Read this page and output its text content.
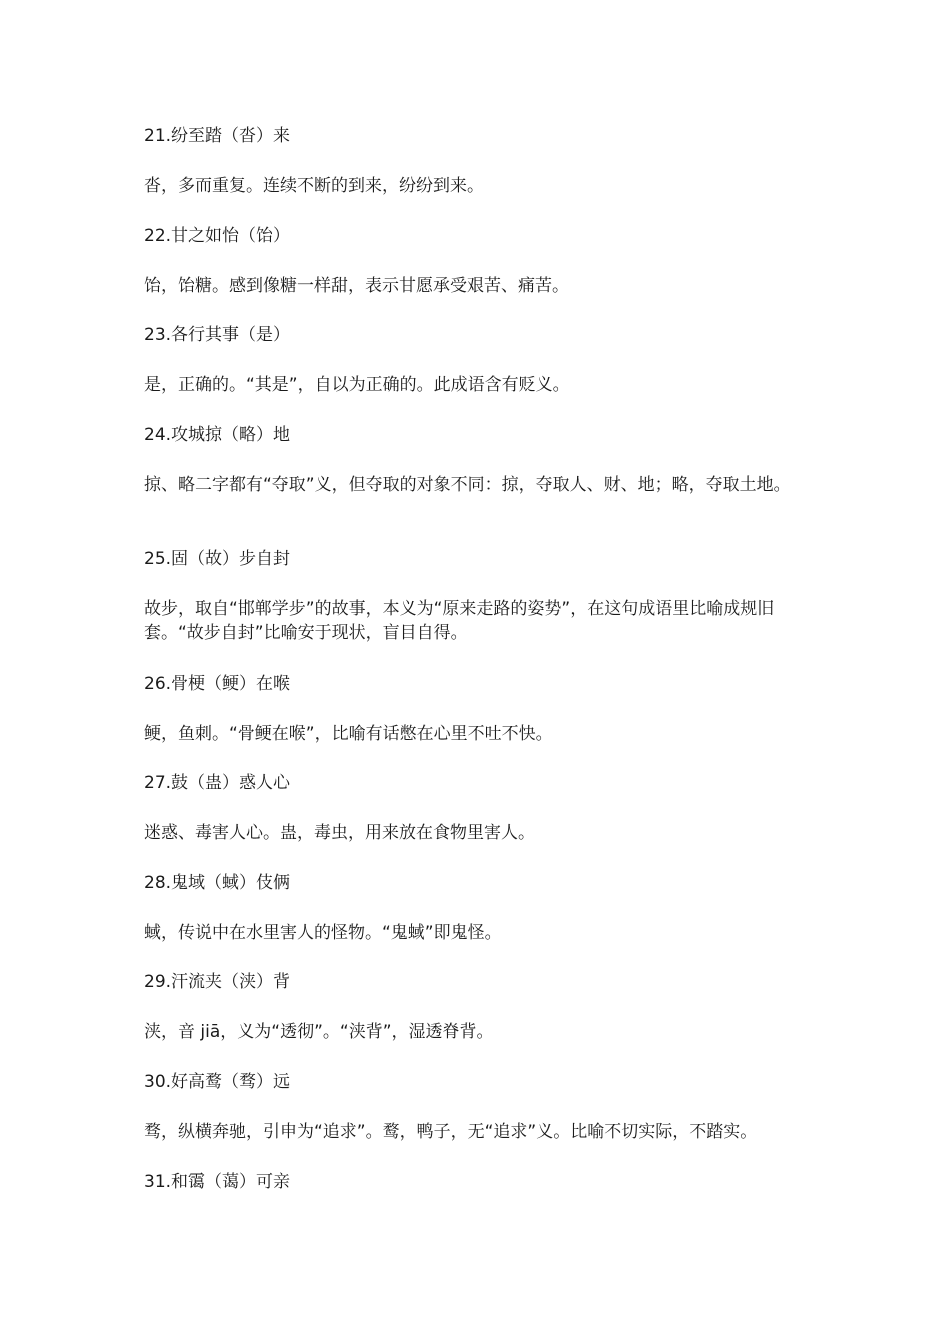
21.纷至踏（沓）来
沓，多而重复。连续不断的到来，纷纷到来。
22.甘之如怡（饴）
饴，饴糖。感到像糖一样甜，表示甘愿承受艰苦、痛苦。
23.各行其事（是）
是，正确的。“其是”，自以为正确的。此成语含有贬义。
24.攻城掠（略）地
掠、略二字都有“夺取”义，但夺取的对象不同：掠，夺取人、财、地；略，夺取土地。
25.固（故）步自封
故步，取自“邯郸学步”的故事，本义为“原来走路的姿势”，在这句成语里比喻成规旧套。“故步自封”比喻安于现状，盲目自得。
26.骨梗（鲠）在喉
鲠，鱼刺。“骨鲠在喉”，比喻有话憋在心里不吐不快。
27.鼓（蛊）惑人心
迷惑、毒害人心。蛊，毒虫，用来放在食物里害人。
28.鬼域（蜮）伎俩
蜮，传说中在水里害人的怪物。“鬼蜮”即鬼怪。
29.汗流夹（浃）背
浃，音 jiā，义为“透彻”。“浃背”，湿透脊背。
30.好高鹜（骛）远
骛，纵横奔驰，引申为“追求”。鹜，鸭子，无“追求”义。比喻不切实际，不踏实。
31.和霭（蔼）可亲
